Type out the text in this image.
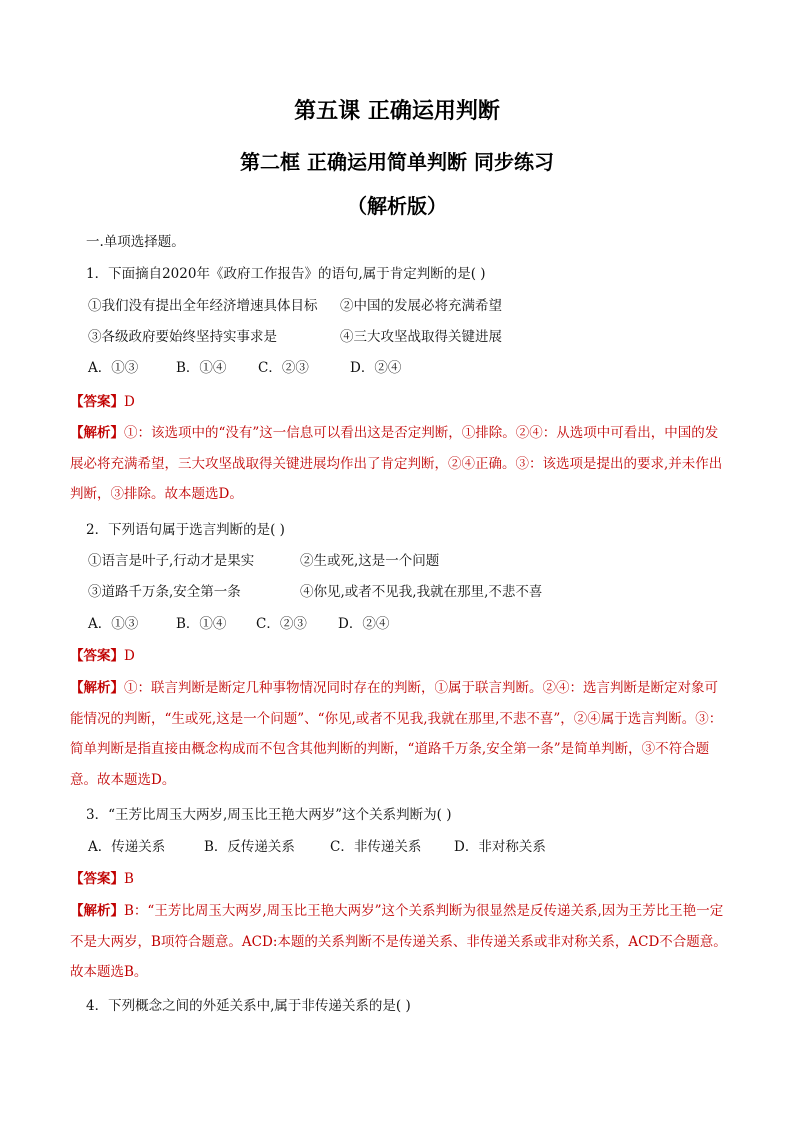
第五课 正确运用判断
第二框 正确运用简单判断 同步练习
（解析版）
一.单项选择题。
1．下面摘自2020年《政府工作报告》的语句,属于肯定判断的是( )
①我们没有提出全年经济增速具体目标 ②中国的发展必将充满希望
③各级政府要始终坚持实事求是	④三大攻坚战取得关键进展
A．①③	B．①④ C．②③	D．②④
【答案】D
【解析】①：该选项中的“没有”这一信息可以看出这是否定判断，①排除。②④：从选项中可看出，中国的发展必将充满希望，三大攻坚战取得关键进展均作出了肯定判断，②④正确。③：该选项是提出的要求,并未作出判断，③排除。故本题选D。
2．下列语句属于选言判断的是( )
①语言是叶子,行动才是果实	②生或死,这是一个问题
③道路千万条,安全第一条	④你见,或者不见我,我就在那里,不悲不喜
A．①③	B．①④ C．②③ D．②④
【答案】D
【解析】①：联言判断是断定几种事物情况同时存在的判断，①属于联言判断。②④：选言判断是断定对象可能情况的判断，“生或死,这是一个问题”、“你见,或者不见我,我就在那里,不悲不喜”，②④属于选言判断。③：简单判断是指直接由概念构成而不包含其他判断的判断，“道路千万条,安全第一条”是简单判断，③不符合题意。故本题选D。
3．“王芳比周玉大两岁,周玉比王艳大两岁”这个关系判断为( )
A．传递关系	B．反传递关系	C．非传递关系 D．非对称关系
【答案】B
【解析】B：“王芳比周玉大两岁,周玉比王艳大两岁”这个关系判断为很显然是反传递关系,因为王芳比王艳一定不是大两岁，B项符合题意。ACD:本题的关系判断不是传递关系、非传递关系或非对称关系，ACD不合题意。故本题选B。
4．下列概念之间的外延关系中,属于非传递关系的是( )
